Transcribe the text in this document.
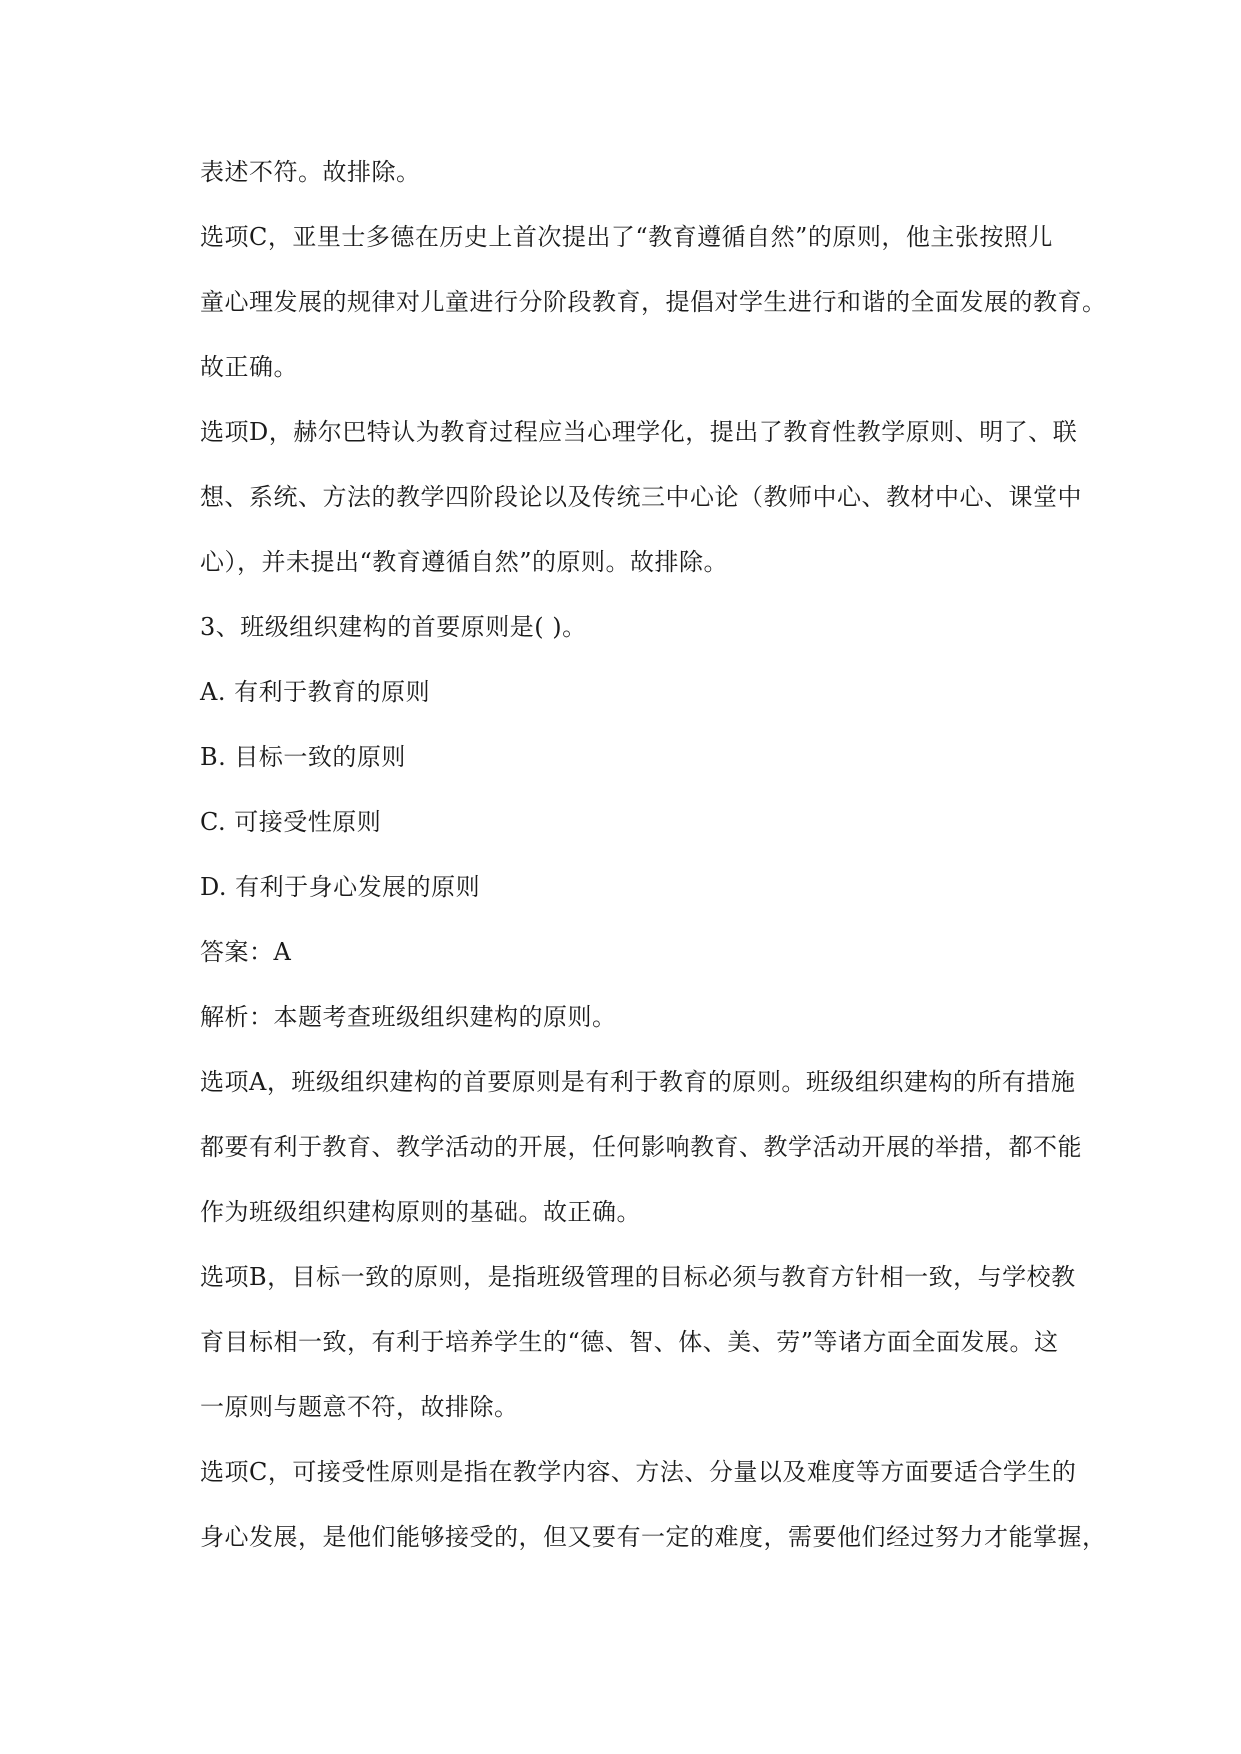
表述不符。故排除。
选项C，亚里士多德在历史上首次提出了“教育遵循自然”的原则，他主张按照儿
童心理发展的规律对儿童进行分阶段教育，提倡对学生进行和谐的全面发展的教育。
故正确。
选项D，赫尔巴特认为教育过程应当心理学化，提出了教育性教学原则、明了、联
想、系统、方法的教学四阶段论以及传统三中心论（教师中心、教材中心、课堂中
心），并未提出“教育遵循自然”的原则。故排除。
3、班级组织建构的首要原则是( )。
A. 有利于教育的原则
B. 目标一致的原则
C. 可接受性原则
D. 有利于身心发展的原则
答案：A
解析：本题考查班级组织建构的原则。
选项A，班级组织建构的首要原则是有利于教育的原则。班级组织建构的所有措施
都要有利于教育、教学活动的开展，任何影响教育、教学活动开展的举措，都不能
作为班级组织建构原则的基础。故正确。
选项B，目标一致的原则，是指班级管理的目标必须与教育方针相一致，与学校教
育目标相一致，有利于培养学生的“德、智、体、美、劳”等诸方面全面发展。这
一原则与题意不符，故排除。
选项C，可接受性原则是指在教学内容、方法、分量以及难度等方面要适合学生的
身心发展，是他们能够接受的，但又要有一定的难度，需要他们经过努力才能掌握，
